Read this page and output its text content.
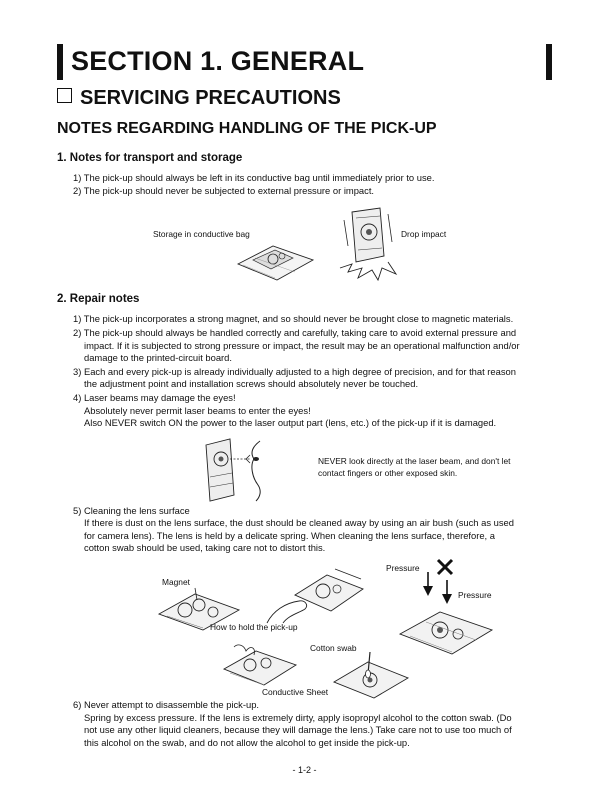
SECTION 1. GENERAL
SERVICING PRECAUTIONS
NOTES REGARDING HANDLING OF THE PICK-UP
1. Notes for transport and storage
1) The pick-up should always be left in its conductive bag until immediately prior to use.
2) The pick-up should never be subjected to external pressure or impact.
Storage in conductive bag	Drop impact
2. Repair notes
1) The pick-up incorporates a strong magnet, and so should never be brought close to magnetic materials.
2) The pick-up should always be handled correctly and carefully, taking care to avoid external pressure and
impact. If it is subjected to strong pressure or impact, the result may be an operational malfunction and/or
damage to the printed-circuit board.
3) Each and every pick-up is already individually adjusted to a high degree of precision, and for that reason
the adjustment point and installation screws should absolutely never be touched.
4) Laser beams may damage the eyes!
Absolutely never permit laser beams to enter the eyes!
Also NEVER switch ON the power to the laser output part (lens, etc.) of the pick-up if it is damaged.
NEVER look directly at the laser beam, and don't let
contact fingers or other exposed skin.
5) Cleaning the lens surface
If there is dust on the lens surface, the dust should be cleaned away by using an air bush (such as used
for camera lens). The lens is held by a delicate spring. When cleaning the lens surface, therefore, a
cotton swab should be used, taking care not to distort this.
Magnet
How to hold the pick-up
Pressure
Pressure
Cotton swab
Conductive Sheet
6) Never attempt to disassemble the pick-up.
Spring by excess pressure. If the lens is extremely dirty, apply isopropyl alcohol to the cotton swab. (Do
not use any other liquid cleaners, because they will damage the lens.) Take care not to use too much of
this alcohol on the swab, and do not allow the alcohol to get inside the pick-up.
- 1-2 -
